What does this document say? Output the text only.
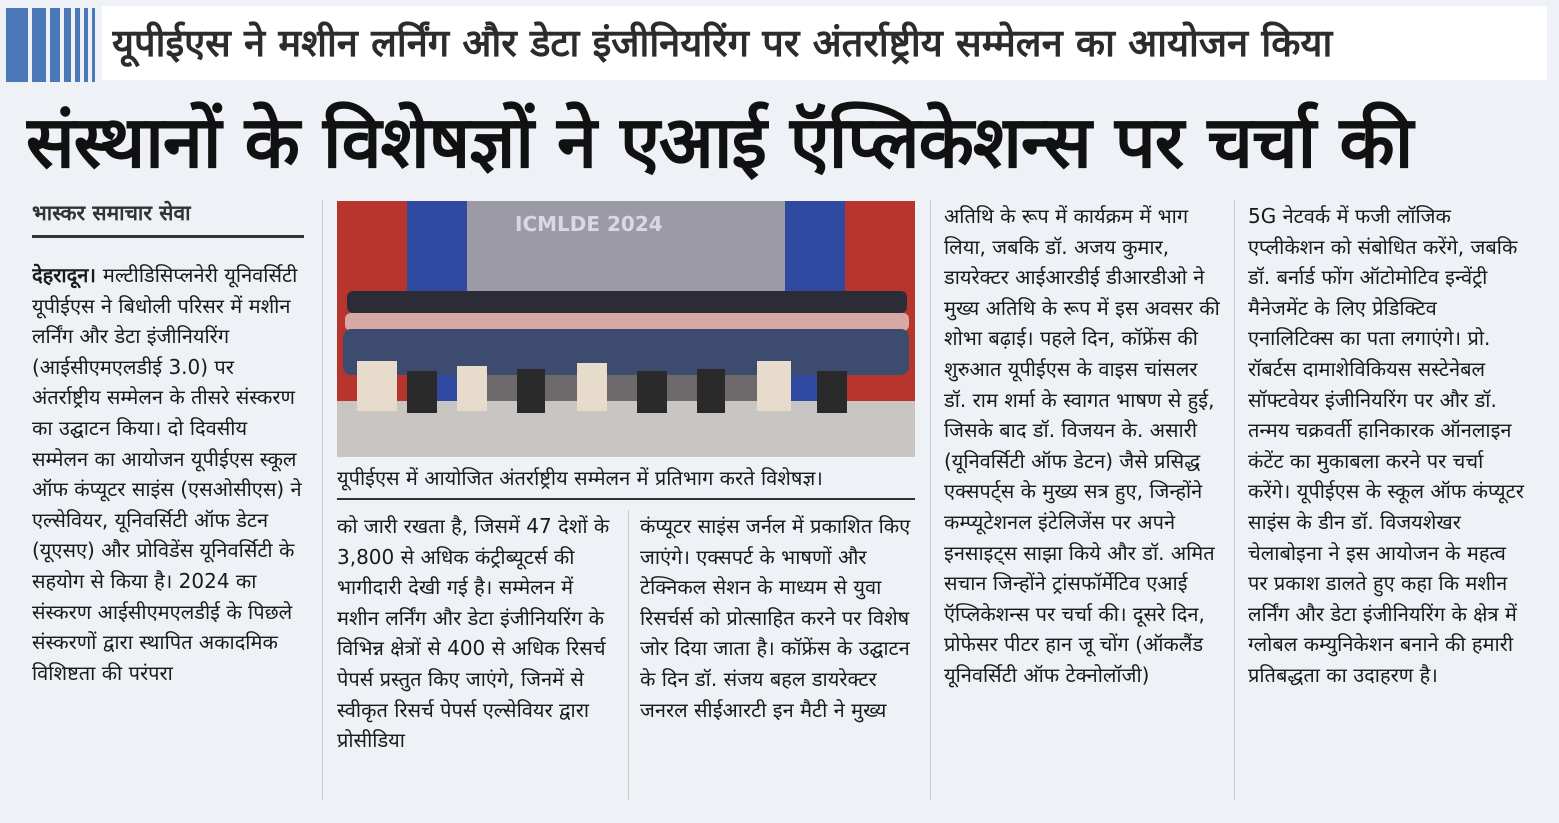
यूपीईएस ने मशीन लर्निंग और डेटा इंजीनियरिंग पर अंतर्राष्ट्रीय सम्मेलन का आयोजन किया
संस्थानों के विशेषज्ञों ने एआई ऍप्लिकेशन्स पर चर्चा की
भास्कर समाचार सेवा
देहरादून। मल्टीडिसिप्लनेरी यूनिवर्सिटी यूपीईएस ने बिधोली परिसर में मशीन लर्निंग और डेटा इंजीनियरिंग (आईसीएमएलडीई 3.0) पर अंतर्राष्ट्रीय सम्मेलन के तीसरे संस्करण का उद्घाटन किया। दो दिवसीय सम्मेलन का आयोजन यूपीईएस स्कूल ऑफ कंप्यूटर साइंस (एसओसीएस) ने एल्सेवियर, यूनिवर्सिटी ऑफ डेटन (यूएसए) और प्रोविडेंस यूनिवर्सिटी के सहयोग से किया है। 2024 का संस्करण आईसीएमएलडीई के पिछले संस्करणों द्वारा स्थापित अकादमिक विशिष्टता की परंपरा
ICMLDE 2024
यूपीईएस में आयोजित अंतर्राष्ट्रीय सम्मेलन में प्रतिभाग करते विशेषज्ञ।
को जारी रखता है, जिसमें 47 देशों के 3,800 से अधिक कंट्रीब्यूटर्स की भागीदारी देखी गई है। सम्मेलन में मशीन लर्निंग और डेटा इंजीनियरिंग के विभिन्न क्षेत्रों से 400 से अधिक रिसर्च पेपर्स प्रस्तुत किए जाएंगे, जिनमें से स्वीकृत रिसर्च पेपर्स एल्सेवियर द्वारा प्रोसीडिया
कंप्यूटर साइंस जर्नल में प्रकाशित किए जाएंगे। एक्सपर्ट के भाषणों और टेक्निकल सेशन के माध्यम से युवा रिसर्चर्स को प्रोत्साहित करने पर विशेष जोर दिया जाता है। कॉफ्रेंस के उद्घाटन के दिन डॉ. संजय बहल डायरेक्टर जनरल सीईआरटी इन मैटी ने मुख्य
अतिथि के रूप में कार्यक्रम में भाग लिया, जबकि डॉ. अजय कुमार, डायरेक्टर आईआरडीई डीआरडीओ ने मुख्य अतिथि के रूप में इस अवसर की शोभा बढ़ाई। पहले दिन, कॉफ्रेंस की शुरुआत यूपीईएस के वाइस चांसलर डॉ. राम शर्मा के स्वागत भाषण से हुई, जिसके बाद डॉ. विजयन के. असारी (यूनिवर्सिटी ऑफ डेटन) जैसे प्रसिद्ध एक्सपर्ट्स के मुख्य सत्र हुए, जिन्होंने कम्प्यूटेशनल इंटेलिजेंस पर अपने इनसाइट्स साझा किये और डॉ. अमित सचान जिन्होंने ट्रांसफॉर्मेटिव एआई ऍप्लिकेशन्स पर चर्चा की। दूसरे दिन, प्रोफेसर पीटर हान जू चोंग (ऑकलैंड यूनिवर्सिटी ऑफ टेक्नोलॉजी)
5G नेटवर्क में फजी लॉजिक एप्लीकेशन को संबोधित करेंगे, जबकि डॉ. बर्नार्ड फोंग ऑटोमोटिव इन्वेंट्री मैनेजमेंट के लिए प्रेडिक्टिव एनालिटिक्स का पता लगाएंगे। प्रो. रॉबर्टस दामाशेविकियस सस्टेनेबल सॉफ्टवेयर इंजीनियरिंग पर और डॉ. तन्मय चक्रवर्ती हानिकारक ऑनलाइन कंटेंट का मुकाबला करने पर चर्चा करेंगे। यूपीईएस के स्कूल ऑफ कंप्यूटर साइंस के डीन डॉ. विजयशेखर चेलाबोइना ने इस आयोजन के महत्व पर प्रकाश डालते हुए कहा कि मशीन लर्निंग और डेटा इंजीनियरिंग के क्षेत्र में ग्लोबल कम्युनिकेशन बनाने की हमारी प्रतिबद्धता का उदाहरण है।
